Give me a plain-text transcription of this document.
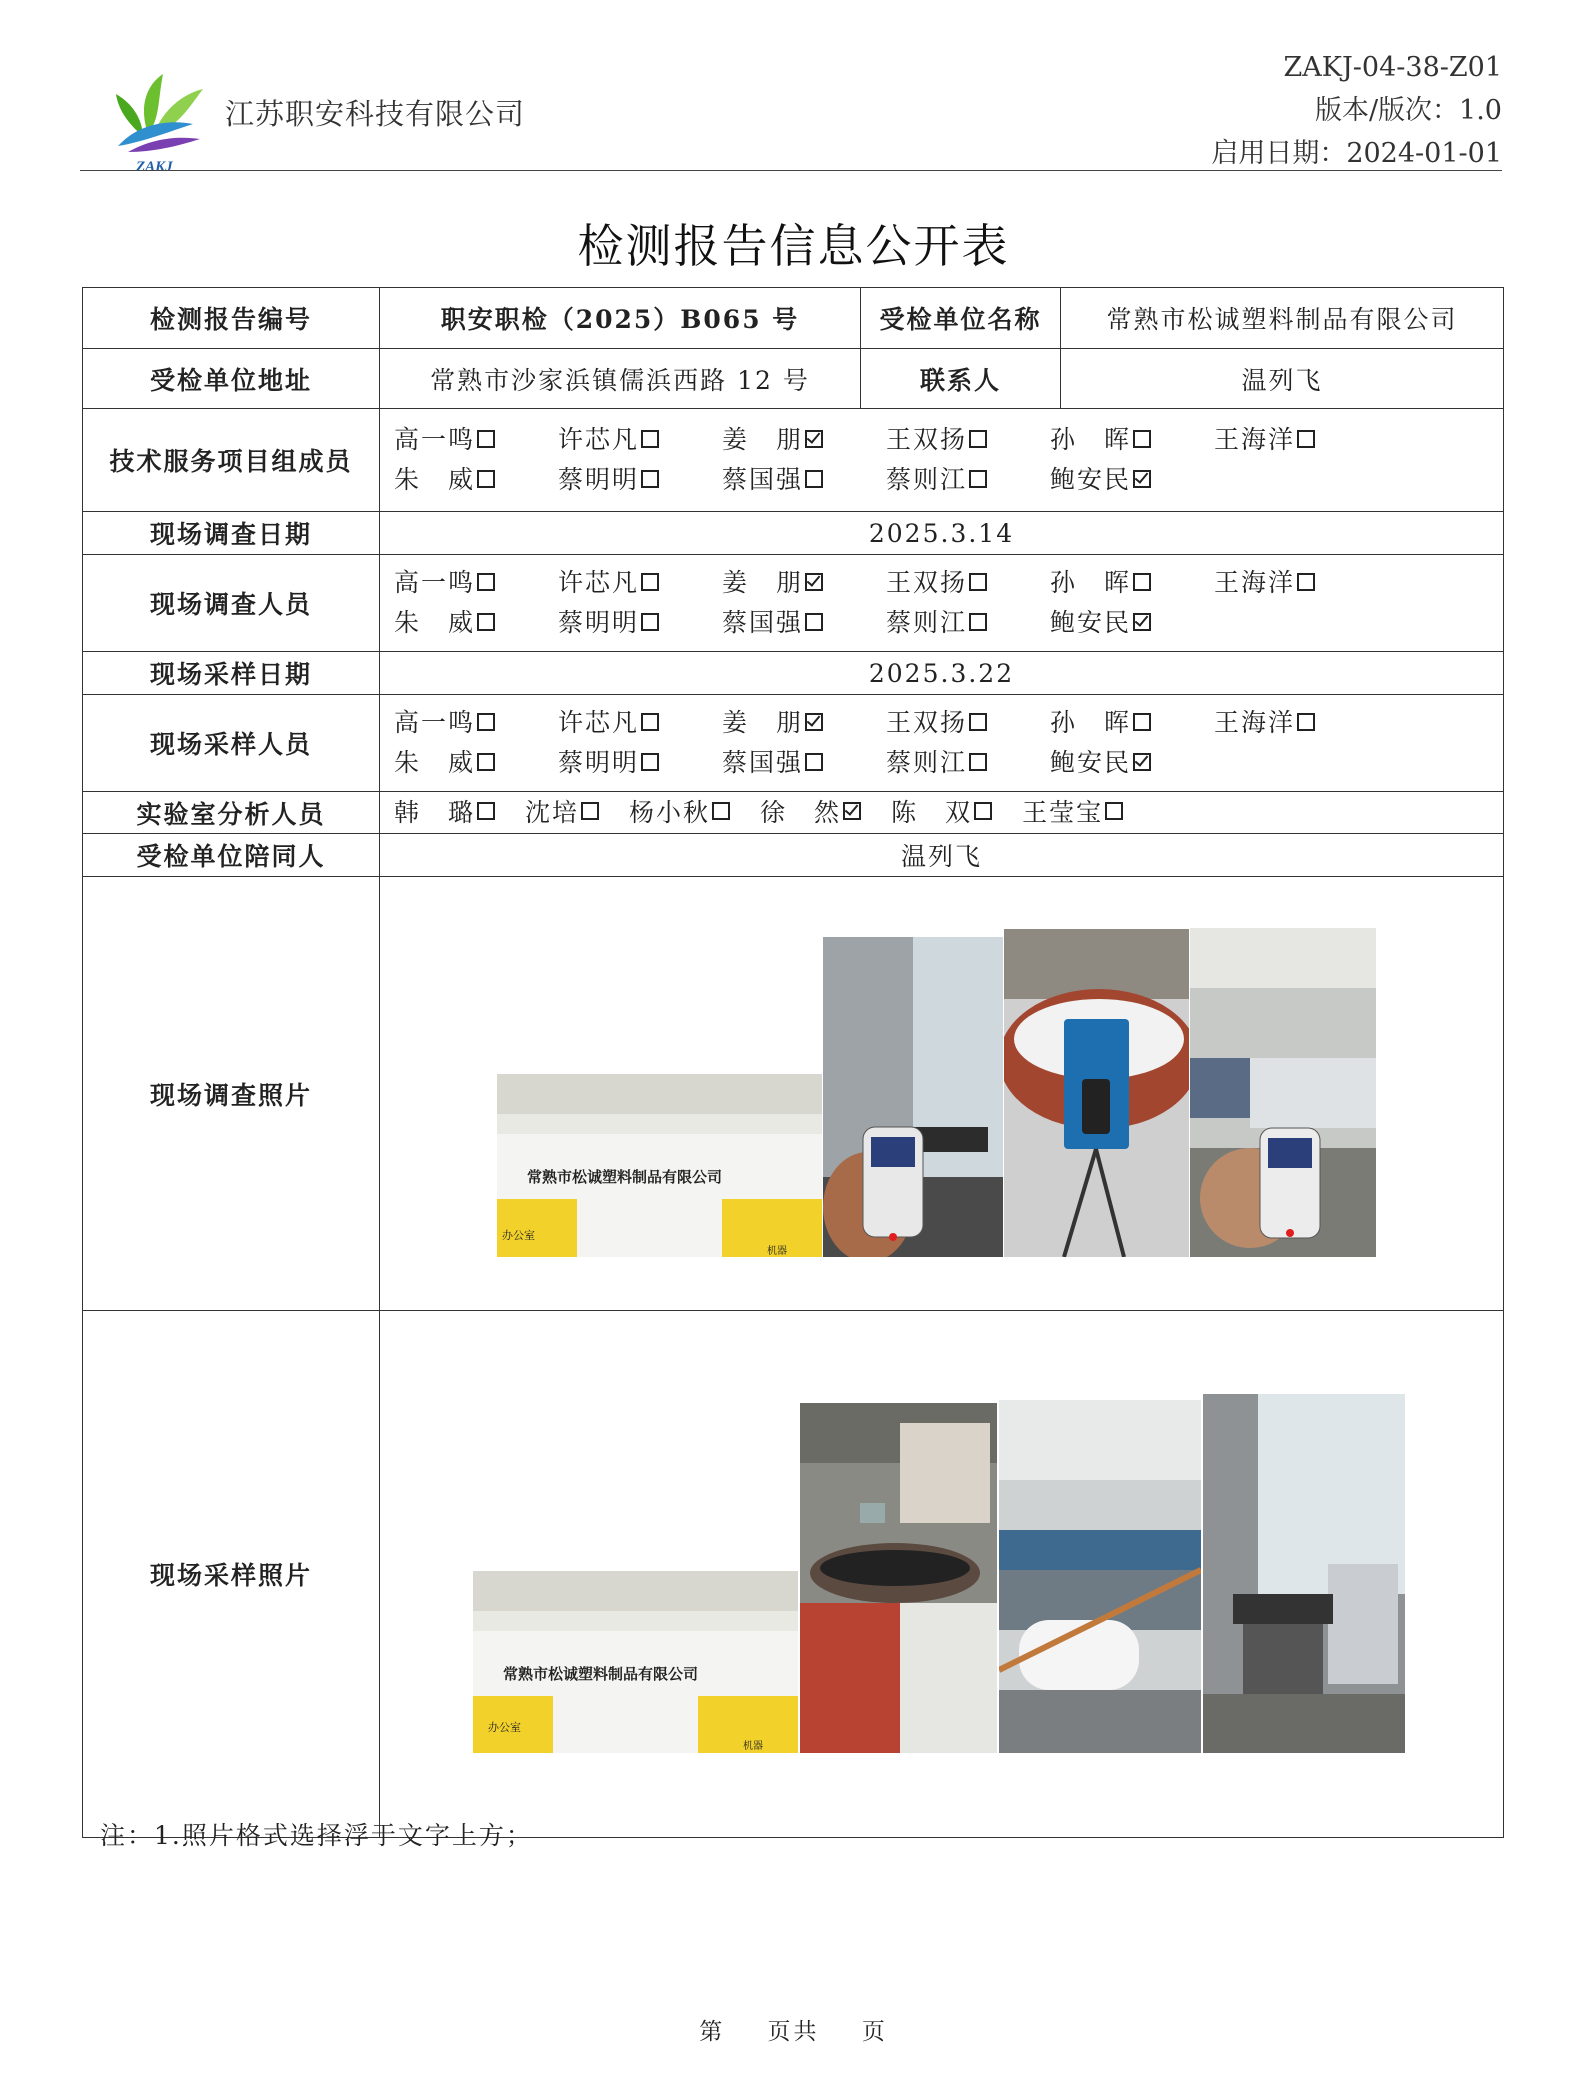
ZAKJ
江苏职安科技有限公司
ZAKJ-04-38-Z01
版本/版次：1.0
启用日期：2024-01-01
检测报告信息公开表
检测报告编号	职安职检（2025）B065 号	受检单位名称	常熟市松诚塑料制品有限公司
受检单位地址	常熟市沙家浜镇儒浜西路 12 号	联系人	温列飞
技术服务项目组成员	高一鸣 许芯凡 姜　朋 王双扬 孙　晖 王海洋
朱　威 蔡明明 蔡国强 蔡则江 鲍安民		

现场调查日期	2025.3.14		
现场调查人员	高一鸣 许芯凡 姜　朋 王双扬 孙　晖 王海洋
朱　威 蔡明明 蔡国强 蔡则江 鲍安民		

现场采样日期	2025.3.22		
现场采样人员	高一鸣 许芯凡 姜　朋 王双扬 孙　晖 王海洋
朱　威 蔡明明 蔡国强 蔡则江 鲍安民		

实验室分析人员	韩　璐 沈培 杨小秋 徐　然 陈　双 王莹宝		
受检单位陪同人	温列飞		
现场调查照片	常熟市松诚塑料制品有限公司
办公室
机器		

现场采样照片	常熟市松诚塑料制品有限公司
办公室
机器		
注：1.照片格式选择浮于文字上方；
第 页共 页
